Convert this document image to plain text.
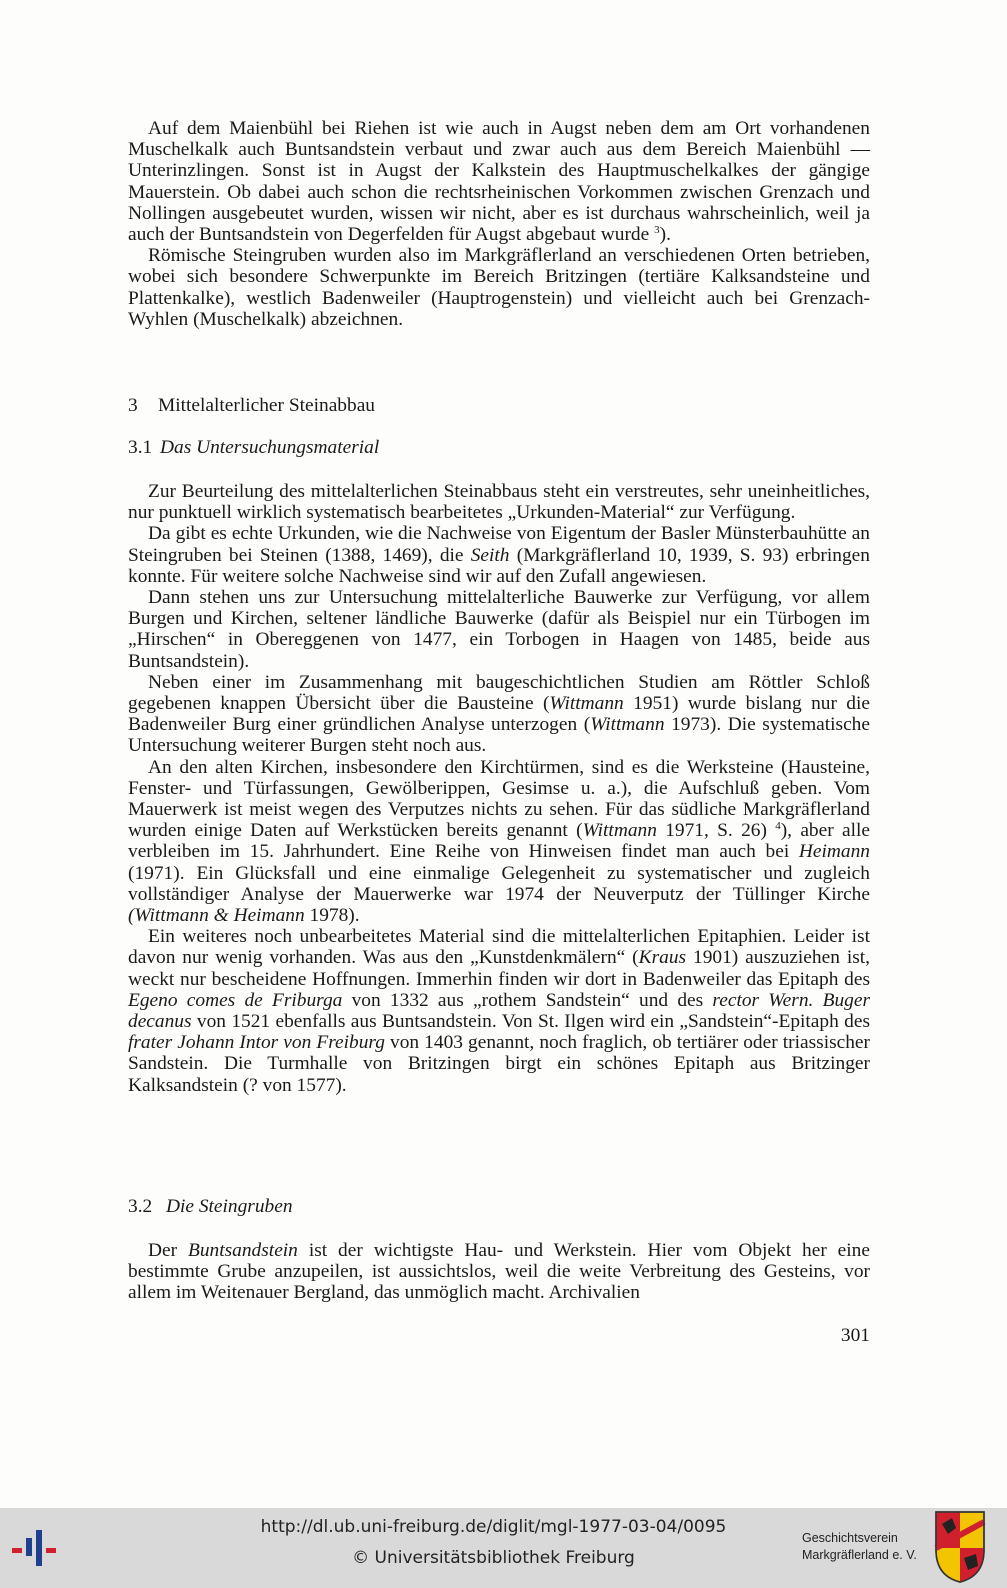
Auf dem Maienbühl bei Riehen ist wie auch in Augst neben dem am Ort vorhandenen Muschelkalk auch Buntsandstein verbaut und zwar auch aus dem Bereich Maienbühl — Unterinzlingen. Sonst ist in Augst der Kalkstein des Hauptmuschelkalkes der gängige Mauerstein. Ob dabei auch schon die rechtsrheinischen Vorkommen zwischen Grenzach und Nollingen ausgebeutet wurden, wissen wir nicht, aber es ist durchaus wahrscheinlich, weil ja auch der Buntsandstein von Degerfelden für Augst abgebaut wurde $^3$).

Römische Steingruben wurden also im Markgräflerland an verschiedenen Orten betrieben, wobei sich besondere Schwerpunkte im Bereich Britzingen (tertiäre Kalksandsteine und Plattenkalke), westlich Badenweiler (Hauptrogenstein) und vielleicht auch bei Grenzach-Wyhlen (Muschelkalk) abzeichnen.

3 Mittelalterlicher Steinabbau
3.1 Das Untersuchungsmaterial

Zur Beurteilung des mittelalterlichen Steinabbaus steht ein verstreutes, sehr uneinheitliches, nur punktuell wirklich systematisch bearbeitetes „Urkunden-Material“ zur Verfügung.

Da gibt es echte Urkunden, wie die Nachweise von Eigentum der Basler Münsterbauhütte an Steingruben bei Steinen (1388, 1469), die Seith (Markgräflerland 10, 1939, S. 93) erbringen konnte. Für weitere solche Nachweise sind wir auf den Zufall angewiesen.

Dann stehen uns zur Untersuchung mittelalterliche Bauwerke zur Verfügung, vor allem Burgen und Kirchen, seltener ländliche Bauwerke (dafür als Beispiel nur ein Türbogen im „Hirschen“ in Obereggenen von 1477, ein Torbogen in Haagen von 1485, beide aus Buntsandstein).

Neben einer im Zusammenhang mit baugeschichtlichen Studien am Röttler Schloß gegebenen knappen Übersicht über die Bausteine (Wittmann 1951) wurde bislang nur die Badenweiler Burg einer gründlichen Analyse unterzogen (Wittmann 1973). Die systematische Untersuchung weiterer Burgen steht noch aus.

An den alten Kirchen, insbesondere den Kirchtürmen, sind es die Werksteine (Hausteine, Fenster- und Türfassungen, Gewölberippen, Gesimse u. a.), die Aufschluß geben. Vom Mauerwerk ist meist wegen des Verputzes nichts zu sehen. Für das südliche Markgräflerland wurden einige Daten auf Werkstücken bereits genannt (Wittmann 1971, S. 26) $^4$), aber alle verbleiben im 15. Jahrhundert. Eine Reihe von Hinweisen findet man auch bei Heimann (1971). Ein Glücksfall und eine einmalige Gelegenheit zu systematischer und zugleich vollständiger Analyse der Mauerwerke war 1974 der Neuverputz der Tüllinger Kirche (Wittmann & Heimann 1978).

Ein weiteres noch unbearbeitetes Material sind die mittelalterlichen Epitaphien. Leider ist davon nur wenig vorhanden. Was aus den „Kunstdenkmälern“ (Kraus 1901) auszuziehen ist, weckt nur bescheidene Hoffnungen. Immerhin finden wir dort in Badenweiler das Epitaph des Egeno comes de Friburga von 1332 aus „rothem Sandstein“ und des rector Wern. Buger decanus von 1521 ebenfalls aus Buntsandstein. Von St. Ilgen wird ein „Sandstein“-Epitaph des frater Johann Intor von Freiburg von 1403 genannt, noch fraglich, ob tertiärer oder triassischer Sandstein. Die Turmhalle von Britzingen birgt ein schönes Epitaph aus Britzinger Kalksandstein (? von 1577).

3.2 Die Steingruben

Der Buntsandstein ist der wichtigste Hau- und Werkstein. Hier vom Objekt her eine bestimmte Grube anzupeilen, ist aussichtslos, weil die weite Verbreitung des Gesteins, vor allem im Weitenauer Bergland, das unmöglich macht. Archivalien

301
http://dl.ub.uni-freiburg.de/diglit/mgl-1977-03-04/0095
© Universitätsbibliothek Freiburg
Geschichtsverein
Markgräflerland e. V.
